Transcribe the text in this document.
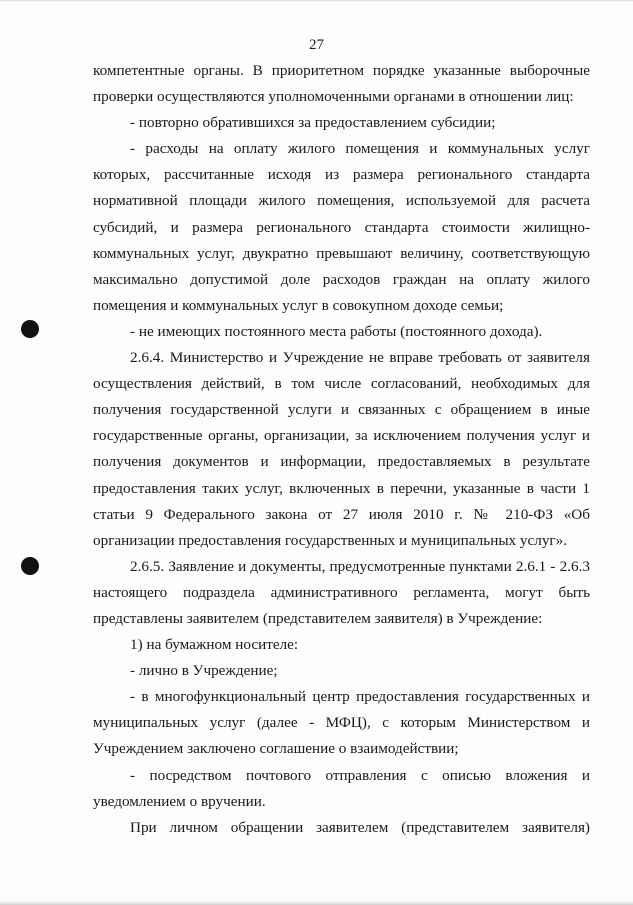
27

компетентные органы. В приоритетном порядке указанные выборочные проверки осуществляются уполномоченными органами в отношении лиц:

- повторно обратившихся за предоставлением субсидии;

- расходы на оплату жилого помещения и коммунальных услуг которых, рассчитанные исходя из размера регионального стандарта нормативной площади жилого помещения, используемой для расчета субсидий, и размера регионального стандарта стоимости жилищно-коммунальных услуг, двукратно превышают величину, соответствующую максимально допустимой доле расходов граждан на оплату жилого помещения и коммунальных услуг в совокупном доходе семьи;

- не имеющих постоянного места работы (постоянного дохода).

2.6.4. Министерство и Учреждение не вправе требовать от заявителя осуществления действий, в том числе согласований, необходимых для получения государственной услуги и связанных с обращением в иные государственные органы, организации, за исключением получения услуг и получения документов и информации, предоставляемых в результате предоставления таких услуг, включенных в перечни, указанные в части 1 статьи 9 Федерального закона от 27 июля 2010 г. № 210-ФЗ «Об организации предоставления государственных и муниципальных услуг».

2.6.5. Заявление и документы, предусмотренные пунктами 2.6.1 - 2.6.3 настоящего подраздела административного регламента, могут быть представлены заявителем (представителем заявителя) в Учреждение:

1) на бумажном носителе:

- лично в Учреждение;

- в многофункциональный центр предоставления государственных и муниципальных услуг (далее - МФЦ), с которым Министерством и Учреждением заключено соглашение о взаимодействии;

- посредством почтового отправления с описью вложения и уведомлением о вручении.

При личном обращении заявителем (представителем заявителя)
